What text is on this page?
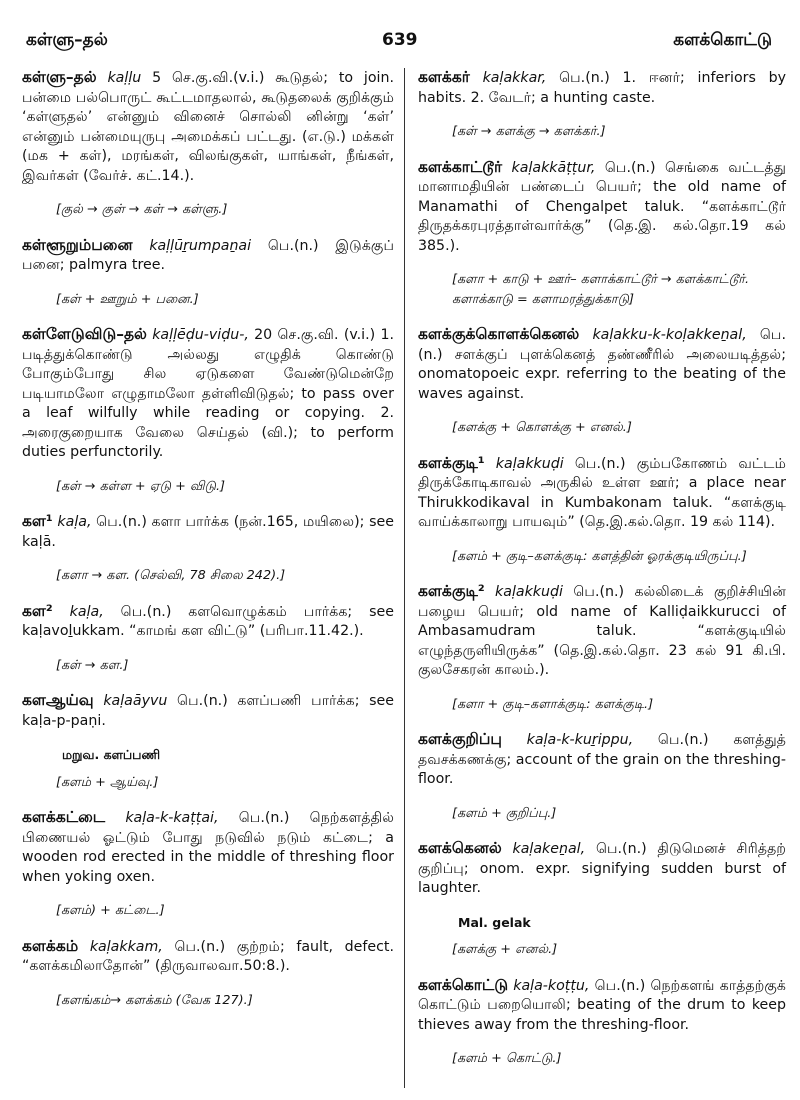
கள்ளு–தல்	639	களக்கொட்டு
கள்ளு–தல் kaḷḷu 5 செ.கு.வி.(v.i.) கூடுதல்; to join. பன்மை பல்பொருட் கூட்டமாதலால், கூடுதலைக் குறிக்கும் ‘கள்ளுதல்’ என்னும் வினைச் சொல்லி னின்று ‘கள்’ என்னும் பன்மையுருபு அமைக்கப் பட்டது. (எ.டு.) மக்கள் (மக + கள்), மரங்கள், விலங்குகள், யாங்கள், நீங்கள், இவர்கள் (வேர்ச். கட்.14.).
[குல் → குள் → கள் → கள்ளு.]
கள்ளூறும்பனை kaḷḷūṟumpaṉai பெ.(n.) இடுக்குப் பனை; palmyra tree.
[கள் + ஊறும் + பனை.]
கள்ளேடுவிடு–தல் kaḷḷēḍu-viḍu-, 20 செ.கு.வி. (v.i.) 1. படித்துக்கொண்டு அல்லது எழுதிக் கொண்டு போகும்போது சில ஏடுகளை வேண்டுமென்றே படியாமலோ எழுதாமலோ தள்ளிவிடுதல்; to pass over a leaf wilfully while reading or copying. 2. அரைகுறையாக வேலை செய்தல் (வி.); to perform duties perfunctorily.
[கள் → கள்ள + ஏடு + விடு.]
கள¹ kaḷa, பெ.(n.) களா பார்க்க (நன்.165, மயிலை); see kaḷā.
[களா → கள. (செல்வி, 78 சிலை 242).]
கள² kaḷa, பெ.(n.) களவொழுக்கம் பார்க்க; see kaḷavoḻukkam. “காமங் கள விட்டு” (பரிபா.11.42.).
[கள் → கள.]
களஆய்வு kaḷaāyvu பெ.(n.) களப்பணி பார்க்க; see kaḷa-p-paṇi.
மறுவ. களப்பணி
[களம் + ஆய்வு.]
களக்கட்டை kaḷa-k-kaṭṭai, பெ.(n.) நெற்களத்தில் பிணையல் ஓட்டும் போது நடுவில் நடும் கட்டை; a wooden rod erected in the middle of threshing floor when yoking oxen.
[களம்) + கட்டை.]
களக்கம் kaḷakkam, பெ.(n.) குற்றம்; fault, defect. “களக்கமிலாதோன்” (திருவாலவா.50:8.).
[களங்கம்→ களக்கம் (வேக 127).]
களக்கர் kaḷakkar, பெ.(n.) 1. ஈனர்; inferiors by habits. 2. வேடர்; a hunting caste.
[கள் → களக்கு → களக்கர்.]
களக்காட்டூர் kaḷakkāṭṭur, பெ.(n.) செங்கை வட்டத்து மானாமதியின் பண்டைப் பெயர்; the old name of Manamathi of Chengalpet taluk. “களக்காட்டூர் திருதக்கரபுரத்தாள்வார்க்கு” (தெ.இ. கல்.தொ.19 கல் 385.).
[களா + காடு + ஊர்– களாக்காட்டூர் → களக்காட்டூர். களாக்காடு = களாமரத்துக்காடு]
களக்குக்கொளக்கெனல் kaḷakku-k-koḷakkeṉal, பெ.(n.) சளக்குப் புளக்கெனத் தண்ணீரில் அலையடித்தல்; onomatopoeic expr. referring to the beating of the waves against.
[களக்கு + கொளக்கு + எனல்.]
களக்குடி¹ kaḷakkuḍi பெ.(n.) கும்பகோணம் வட்டம் திருக்கோடிகாவல் அருகில் உள்ள ஊர்; a place near Thirukkodikaval in Kumbakonam taluk. “களக்குடி வாய்க்காலாறு பாயவும்” (தெ.இ.கல்.தொ. 19 கல் 114).
[களம் + குடி–களக்குடி: களத்தின் ஓரக்குடியிருப்பு.]
களக்குடி² kaḷakkuḍi பெ.(n.) கல்லிடைக் குறிச்சியின் பழைய பெயர்; old name of Kalliḍaikkurucci of Ambasamudram taluk. “களக்குடியில் எழுந்தருளியிருக்க” (தெ.இ.கல்.தொ. 23 கல் 91 கி.பி. குலசேகரன் காலம்.).
[களா + குடி–களாக்குடி: களக்குடி.]
களக்குறிப்பு kaḷa-k-kuṟippu, பெ.(n.) களத்துத் தவசக்கணக்கு; account of the grain on the threshing-floor.
[களம் + குறிப்பு.]
களக்கெனல் kaḷakeṉal, பெ.(n.) திடுமெனச் சிரித்தற் குறிப்பு; onom. expr. signifying sudden burst of laughter.
Mal. gelak
[களக்கு + எனல்.]
களக்கொட்டு kaḷa-koṭṭu, பெ.(n.) நெற்களங் காத்தற்குக் கொட்டும் பறையொலி; beating of the drum to keep thieves away from the threshing-floor.
[களம் + கொட்டு.]
